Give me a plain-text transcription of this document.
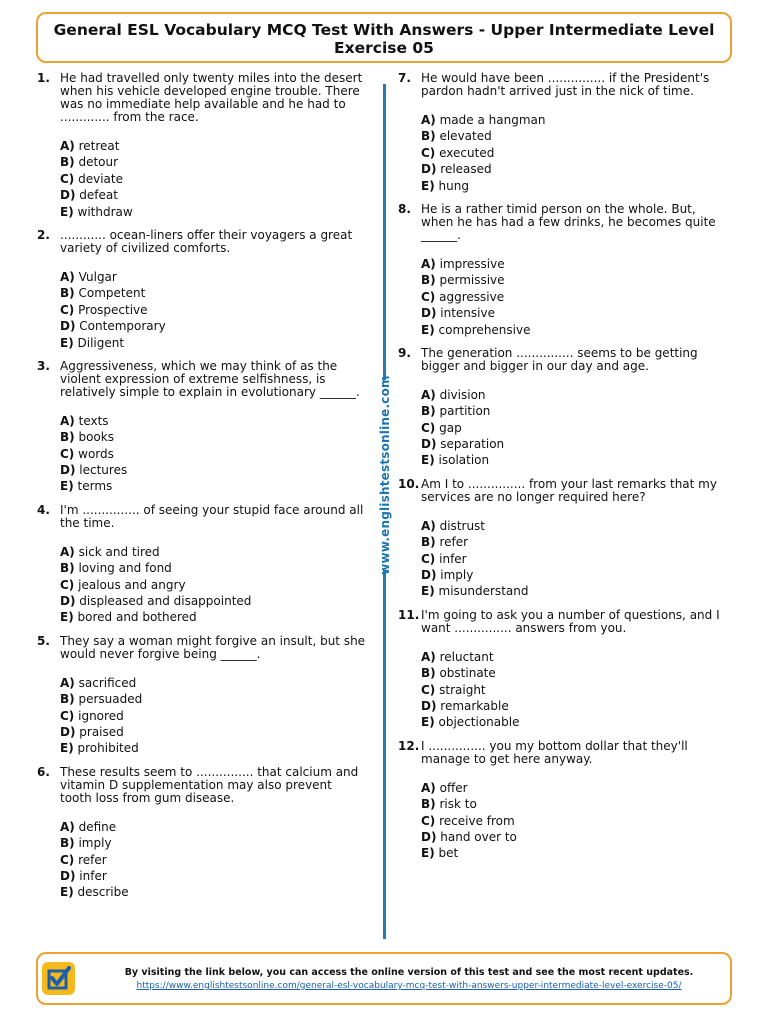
General ESL Vocabulary MCQ Test With Answers - Upper Intermediate Level
Exercise 05
1. He had travelled only twenty miles into the desert when his vehicle developed engine trouble. There was no immediate help available and he had to ............. from the race.
A) retreat
B) detour
C) deviate
D) defeat
E) withdraw
2. ............ ocean-liners offer their voyagers a great variety of civilized comforts.
A) Vulgar
B) Competent
C) Prospective
D) Contemporary
E) Diligent
3. Aggressiveness, which we may think of as the violent expression of extreme selfishness, is relatively simple to explain in evolutionary ______.
A) texts
B) books
C) words
D) lectures
E) terms
4. I'm ............... of seeing your stupid face around all the time.
A) sick and tired
B) loving and fond
C) jealous and angry
D) displeased and disappointed
E) bored and bothered
5. They say a woman might forgive an insult, but she would never forgive being ______.
A) sacrificed
B) persuaded
C) ignored
D) praised
E) prohibited
6. These results seem to ............... that calcium and vitamin D supplementation may also prevent tooth loss from gum disease.
A) define
B) imply
C) refer
D) infer
E) describe
7. He would have been ............... if the President's pardon hadn't arrived just in the nick of time.
A) made a hangman
B) elevated
C) executed
D) released
E) hung
8. He is a rather timid person on the whole. But, when he has had a few drinks, he becomes quite ______.
A) impressive
B) permissive
C) aggressive
D) intensive
E) comprehensive
9. The generation ............... seems to be getting bigger and bigger in our day and age.
A) division
B) partition
C) gap
D) separation
E) isolation
10. Am I to ............... from your last remarks that my services are no longer required here?
A) distrust
B) refer
C) infer
D) imply
E) misunderstand
11. I'm going to ask you a number of questions, and I want ............... answers from you.
A) reluctant
B) obstinate
C) straight
D) remarkable
E) objectionable
12. I ............... you my bottom dollar that they'll manage to get here anyway.
A) offer
B) risk to
C) receive from
D) hand over to
E) bet
www.englishtestsonline.com
By visiting the link below, you can access the online version of this test and see the most recent updates.
https://www.englishtestsonline.com/general-esl-vocabulary-mcq-test-with-answers-upper-intermediate-level-exercise-05/
